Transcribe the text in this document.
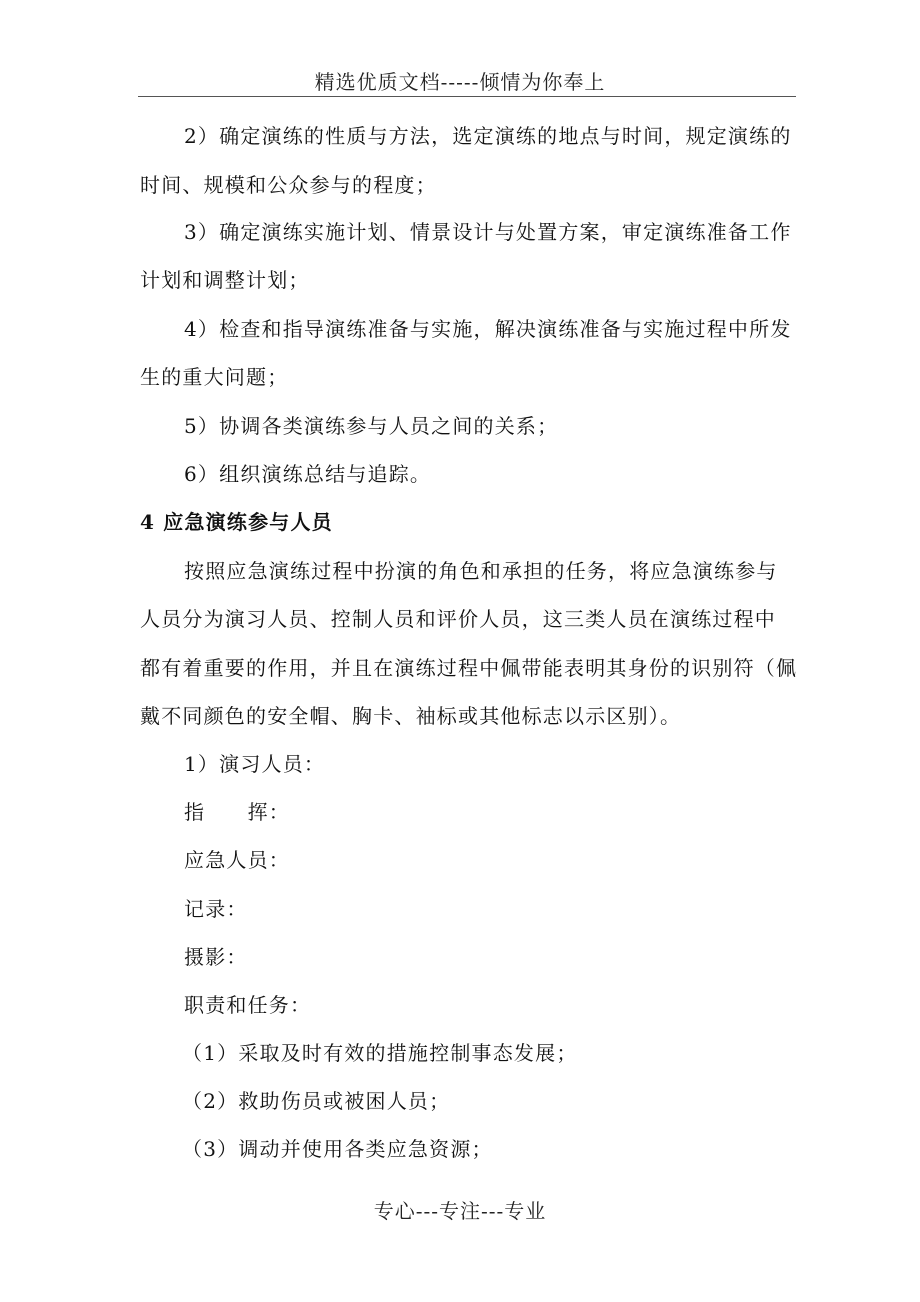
精选优质文档-----倾情为你奉上
2）确定演练的性质与方法，选定演练的地点与时间，规定演练的
时间、规模和公众参与的程度；
3）确定演练实施计划、情景设计与处置方案，审定演练准备工作
计划和调整计划；
4）检查和指导演练准备与实施，解决演练准备与实施过程中所发
生的重大问题；
5）协调各类演练参与人员之间的关系；
6）组织演练总结与追踪。
4 应急演练参与人员
按照应急演练过程中扮演的角色和承担的任务，将应急演练参与
人员分为演习人员、控制人员和评价人员，这三类人员在演练过程中
都有着重要的作用，并且在演练过程中佩带能表明其身份的识别符（佩
戴不同颜色的安全帽、胸卡、袖标或其他标志以示区别）。
1）演习人员：
指　　挥：
应急人员：
记录：
摄影：
职责和任务：
（1）采取及时有效的措施控制事态发展；
（2）救助伤员或被困人员；
（3）调动并使用各类应急资源；
专心---专注---专业
